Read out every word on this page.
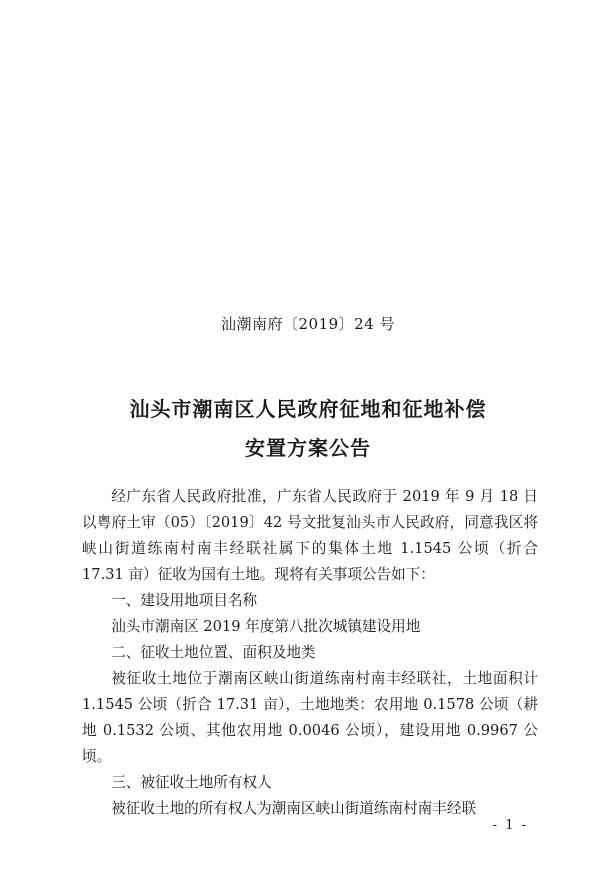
汕潮南府〔2019〕24 号
汕头市潮南区人民政府征地和征地补偿
安置方案公告

经广东省人民政府批准，广东省人民政府于 2019 年 9 月 18 日以粤府土审（05）〔2019〕42 号文批复汕头市人民政府，同意我区将峡山街道练南村南丰经联社属下的集体土地 1.1545 公顷（折合 17.31 亩）征收为国有土地。现将有关事项公告如下：

一、建设用地项目名称

汕头市潮南区 2019 年度第八批次城镇建设用地

二、征收土地位置、面积及地类

被征收土地位于潮南区峡山街道练南村南丰经联社，土地面积计 1.1545 公顷（折合 17.31 亩），土地地类：农用地 0.1578 公顷（耕地 0.1532 公顷、其他农用地 0.0046 公顷），建设用地 0.9967 公顷。

三、被征收土地所有权人

被征收土地的所有权人为潮南区峡山街道练南村南丰经联

- 1 -
